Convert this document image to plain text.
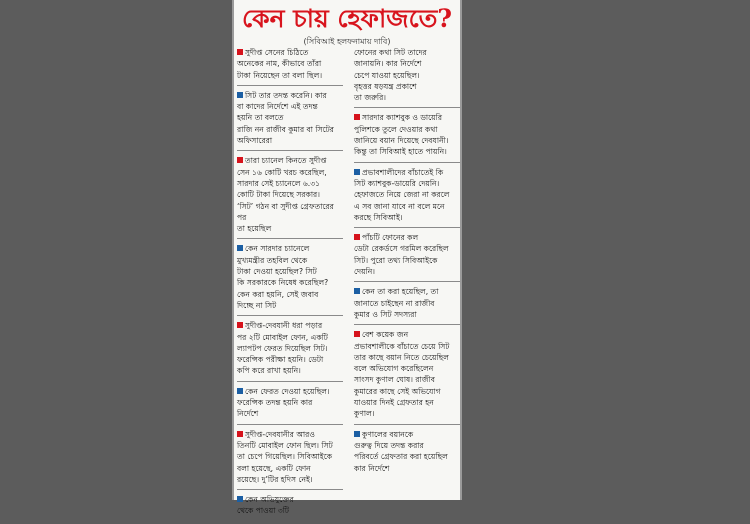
কেন চায় হেফাজতে?
(সিবিআই হলফনামায় দাবি)
সুদীপ্ত সেনের চিঠিতে
অনেকের নাম, কীভাবে তাঁরা
টাকা নিয়েছেন তা বলা ছিল।
সিট তার তদন্ত করেনি। কার
বা কাদের নির্দেশে এই তদন্ত
হয়নি তা বলতে
রাজি নন রাজীব কুমার বা সিটের
অফিসারেরা
তারা চ্যানেল কিনতে সুদীপ্ত
সেন ১৬ কোটি খরচ করেছিল,
সারদার সেই চ্যানেলে ৬.৩১
কোটি টাকা দিয়েছে সরকার।
‘সিট’ গঠন বা সুদীপ্ত গ্রেফতারের
পর
তা হয়েছিল
কেন সারদার চ্যানেলে
মুখ্যমন্ত্রীর তহবিল থেকে
টাকা দেওয়া হয়েছিল? সিট
কি সরকারকে নিষেধ করেছিল?
কেন করা হয়নি, সেই জবাব
দিচ্ছে না সিট
সুদীপ্ত-দেবযানী ধরা পড়ার
পর ২টি মোবাইল ফোন, একটি
ল্যাপটপ ফেরত দিয়েছিল সিট।
ফরেন্সিক পরীক্ষা হয়নি। ডেটা
কপি করে রাখা হয়নি।
কেন ফেরত দেওয়া হয়েছিল।
ফরেন্সিক তদন্ত হয়নি কার
নির্দেশে
সুদীপ্ত-দেবযানীর আরও
তিনটি মোবাইল ফোন ছিল। সিট
তা চেপে গিয়েছিল। সিবিআইকে
বলা হয়েছে, একটি ফোন
রয়েছে। দু’টির হদিস নেই।
কেন অভিযুক্তের
থেকে পাওয়া ৩টি
ফোনের কথা সিট তাদের
জানায়নি। কার নির্দেশে
চেপে যাওয়া হয়েছিল।
বৃহত্তর ষড়যন্ত্র প্রকাশে
তা জরুরি।
সারদার ক্যাশবুক ও ডায়েরি
পুলিশকে তুলে দেওয়ার কথা
জানিয়ে বয়ান দিয়েছে দেবযানী।
কিন্তু তা সিবিআই হাতে পায়নি।
প্রভাবশালীদের বাঁচাতেই কি
সিট ক্যাশবুক-ডায়েরি দেয়নি।
হেফাজতে নিয়ে জেরা না করলে
এ সব জানা যাবে না বলে মনে
করছে সিবিআই।
পাঁচটি ফোনের কল
ডেটা রেকর্ডসে গরমিল করেছিল
সিট। পুরো তথ্য সিবিআইকে
দেয়নি।
কেন তা করা হয়েছিল, তা
জানাতে চাইছেন না রাজীব
কুমার ও সিট সদস্যরা
বেশ কয়েক জন
প্রভাবশালীকে বাঁচাতে চেয়ে সিট
তার কাছে বয়ান নিতে চেয়েছিল
বলে অভিযোগ করেছিলেন
সাংসদ কুণাল ঘোষ। রাজীব
কুমারের কাছে সেই অভিযোগ
যাওয়ার দিনই গ্রেফতার হন
কুণাল।
কুণালের বয়ানকে
গুরুত্ব দিয়ে তদন্ত করার
পরিবর্তে গ্রেফতার করা হয়েছিল
কার নির্দেশে
